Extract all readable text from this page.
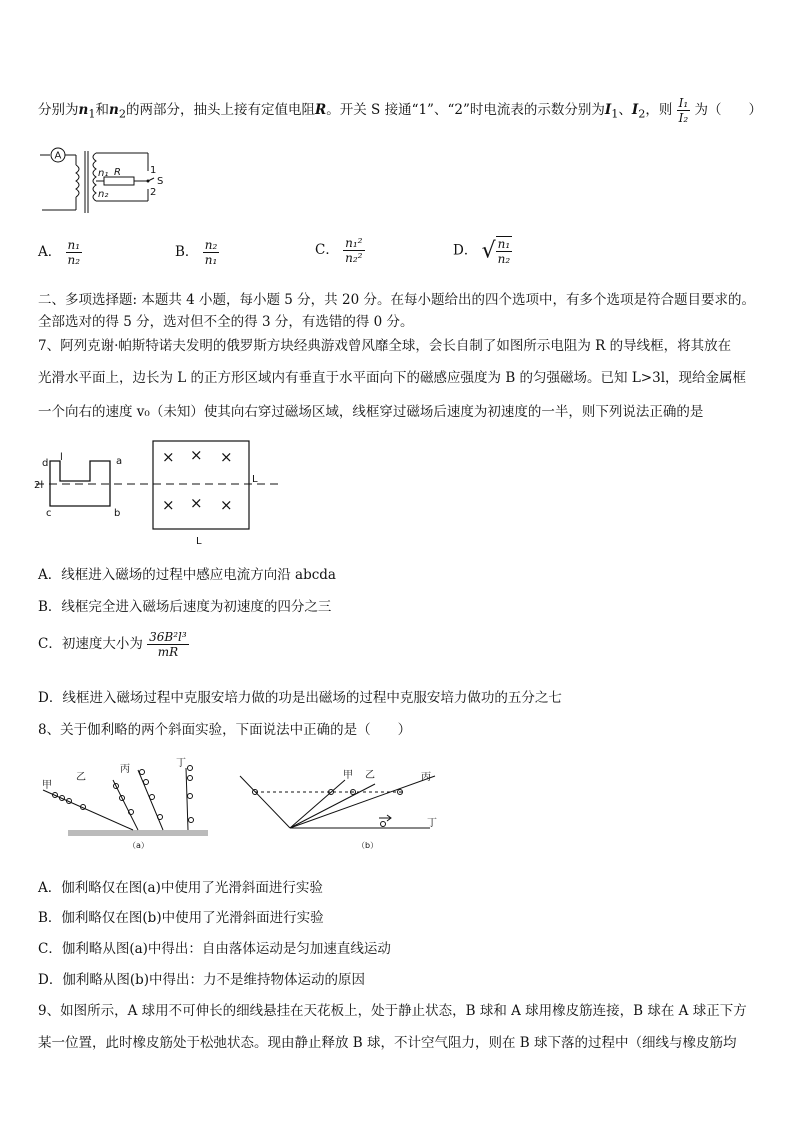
分别为$n_1$和$n_2$的两部分，抽头上接有定值电阻R。开关 S 接通“1”、“2”时电流表的示数分别为$I_1$、$I_2$，则 $\frac{\text{I₁}}{\text{I₂}}$ 为（　　）
A
n₁
n₂
R	1
2
S
A． $\frac{\text{n₁}}{\text{n₂}}$	B． $\frac{\text{n₂}}{\text{n₁}}$	C． $\frac{\text{n₁²}}{\text{n₂²}}$	D． √ $\frac{\text{n₁}}{\text{n₂}}$
二、多项选择题: 本题共 4 小题，每小题 5 分，共 20 分。在每小题给出的四个选项中，有多个选项是符合题目要求的。
全部选对的得 5 分，选对但不全的得 3 分，有选错的得 0 分。
7、阿列克谢·帕斯特诺夫发明的俄罗斯方块经典游戏曾风靡全球，会长自制了如图所示电阻为 R 的导线框，将其放在
光滑水平面上，边长为 L 的正方形区域内有垂直于水平面向下的磁感应强度为 B 的匀强磁场。已知 L>3l，现给金属框
一个向右的速度 v₀（未知）使其向右穿过磁场区域，线框穿过磁场后速度为初速度的一半，则下列说法正确的是
d
l	a
2l
c	b
L
L
× × ×
× × ×
A．线框进入磁场的过程中感应电流方向沿 abcda
B．线框完全进入磁场后速度为初速度的四分之三
C．初速度大小为 $\frac{\text{36B²l³}}{mR}$
D．线框进入磁场过程中克服安培力做的功是出磁场的过程中克服安培力做功的五分之七
8、关于伽利略的两个斜面实验，下面说法中正确的是（　　）
甲
乙
丙
丁
（a）
甲 乙	丙
丁
（b）
A．伽利略仅在图(a)中使用了光滑斜面进行实验
B．伽利略仅在图(b)中使用了光滑斜面进行实验
C．伽利略从图(a)中得出：自由落体运动是匀加速直线运动
D．伽利略从图(b)中得出：力不是维持物体运动的原因
9、如图所示，A 球用不可伸长的细线悬挂在天花板上，处于静止状态，B 球和 A 球用橡皮筋连接，B 球在 A 球正下方
某一位置，此时橡皮筋处于松弛状态。现由静止释放 B 球，不计空气阻力，则在 B 球下落的过程中（细线与橡皮筋均
